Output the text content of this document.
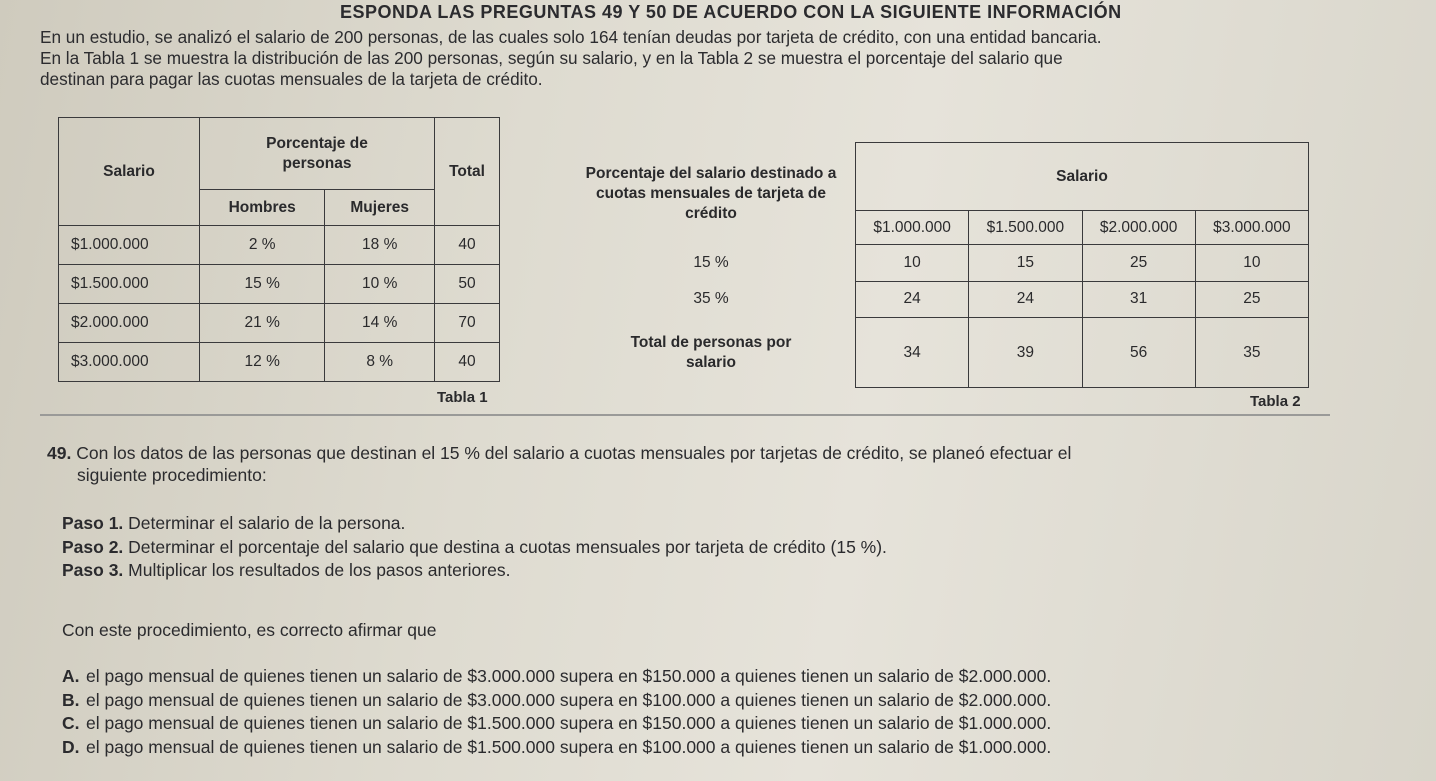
ESPONDA LAS PREGUNTAS 49 Y 50 DE ACUERDO CON LA SIGUIENTE INFORMACIÓN

En un estudio, se analizó el salario de 200 personas, de las cuales solo 164 tenían deudas por tarjeta de crédito, con una entidad bancaria.

En la Tabla 1 se muestra la distribución de las 200 personas, según su salario, y en la Tabla 2 se muestra el porcentaje del salario que

destinan para pagar las cuotas mensuales de la tarjeta de crédito.

Salario	Porcentaje de personas		Total
	Hombres	Mujeres	
$1.000.000	2 %	18 %	40
$1.500.000	15 %	10 %	50
$2.000.000	21 %	14 %	70
$3.000.000	12 %	8 %	40
Tabla 1
Porcentaje del salario destinado a cuotas mensuales de tarjeta de crédito	Salario			
	$1.000.000	$1.500.000	$2.000.000	$3.000.000
15 %	10	15	25	10
35 %	24	24	31	25
Total de personas por salario	34	39	56	35
Tabla 2

49. Con los datos de las personas que destinan el 15 % del salario a cuotas mensuales por tarjetas de crédito, se planeó efectuar el

siguiente procedimiento:

Paso 1. Determinar el salario de la persona.
Paso 2. Determinar el porcentaje del salario que destina a cuotas mensuales por tarjeta de crédito (15 %).
Paso 3. Multiplicar los resultados de los pasos anteriores.
Con este procedimiento, es correcto afirmar que
A. el pago mensual de quienes tienen un salario de $3.000.000 supera en $150.000 a quienes tienen un salario de $2.000.000.
B. el pago mensual de quienes tienen un salario de $3.000.000 supera en $100.000 a quienes tienen un salario de $2.000.000.
C. el pago mensual de quienes tienen un salario de $1.500.000 supera en $150.000 a quienes tienen un salario de $1.000.000.
D. el pago mensual de quienes tienen un salario de $1.500.000 supera en $100.000 a quienes tienen un salario de $1.000.000.
